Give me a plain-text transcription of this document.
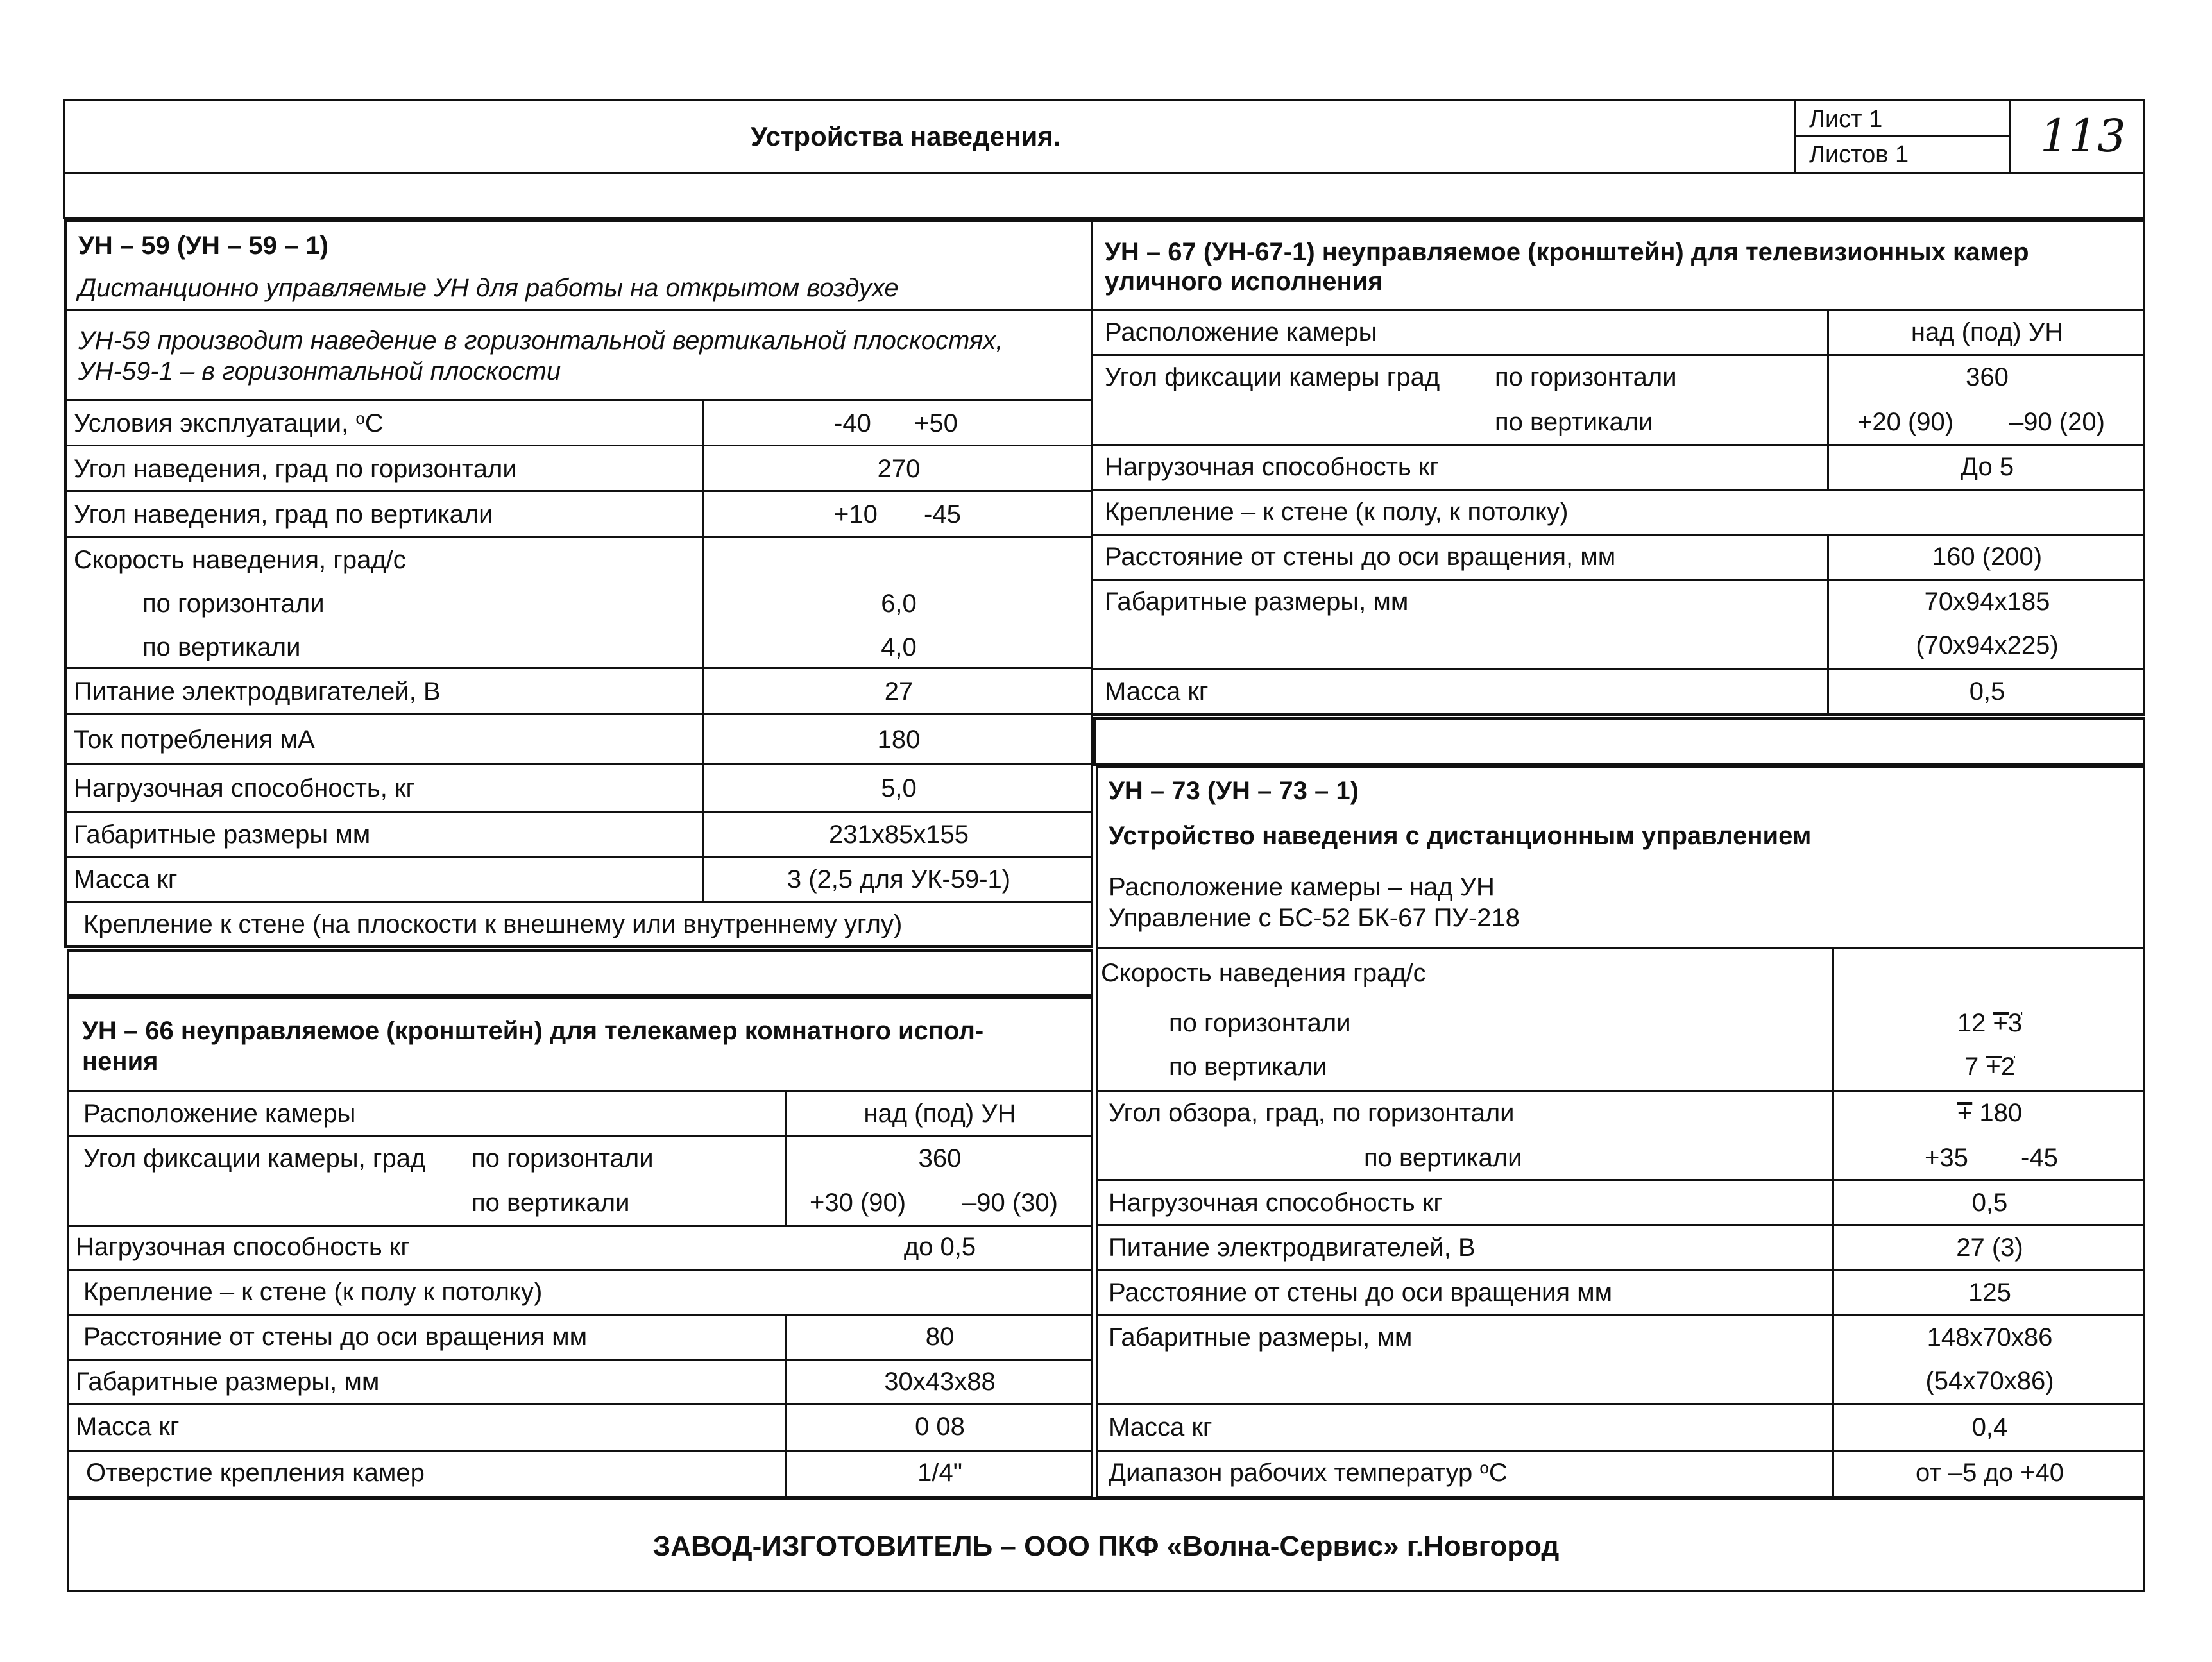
Устройства наведения.
Лист 1
Листов 1	113
УН – 59 (УН – 59 – 1)
Дистанционно управляемые УН для работы на открытом воздухе
УН-59 производит наведение в горизонтальной вертикальной плоскостях,
УН-59-1 – в горизонтальной плоскости
Условия эксплуатации, $^o$С	-40 +50
Угол наведения, град по горизонтали	270
Угол наведения, град по вертикали	+10 -45
Скорость наведения, град/с
по горизонтали	6,0
по вертикали	4,0
Питание электродвигателей, В	27
Ток потребления мА	180
Нагрузочная способность, кг	5,0
Габаритные размеры мм	231х85х155
Масса кг	3 (2,5 для УК-59-1)
Крепление к стене (на плоскости к внешнему или внутреннему углу)
УН – 66 неуправляемое (кронштейн) для телекамер комнатного испол-
нения
Расположение камеры	над (под) УН
Угол фиксации камеры, град по горизонтали	360
по вертикали	+30 (90) –90 (30)
Нагрузочная способность кг	до 0,5
Крепление – к стене (к полу к потолку)
Расстояние от стены до оси вращения мм	80
Габаритные размеры, мм	30х43х88
Масса кг	0 08
Отверстие крепления камер	1/4"
УН – 67 (УН-67-1) неуправляемое (кронштейн) для телевизионных камер
уличного исполнения
Расположение камеры	над (под) УН
Угол фиксации камеры град по горизонтали	360
по вертикали	+20 (90) –90 (20)
Нагрузочная способность кг	До 5
Крепление – к стене (к полу, к потолку)
Расстояние от стены до оси вращения, мм	160 (200)
Габаритные размеры, мм	70х94х185
(70х94х225)
Масса кг	0,5
УН – 73 (УН – 73 – 1)
Устройство наведения с дистанционным управлением
Расположение камеры – над УН
Управление с БС-52 БК-67 ПУ-218
Скорость наведения град/с
по горизонтали	12 +3
по вертикали	7 +2
Угол обзора, град, по горизонтали	+ 180
по вертикали	+35 -45
Нагрузочная способность кг	0,5
Питание электродвигателей, В	27 (3)
Расстояние от стены до оси вращения мм	125
Габаритные размеры, мм	148х70х86
(54х70х86)
Масса кг	0,4
Диапазон рабочих температур $^o$С	от –5 до +40
ЗАВОД-ИЗГОТОВИТЕЛЬ – ООО ПКФ «Волна-Сервис» г.Новгород
